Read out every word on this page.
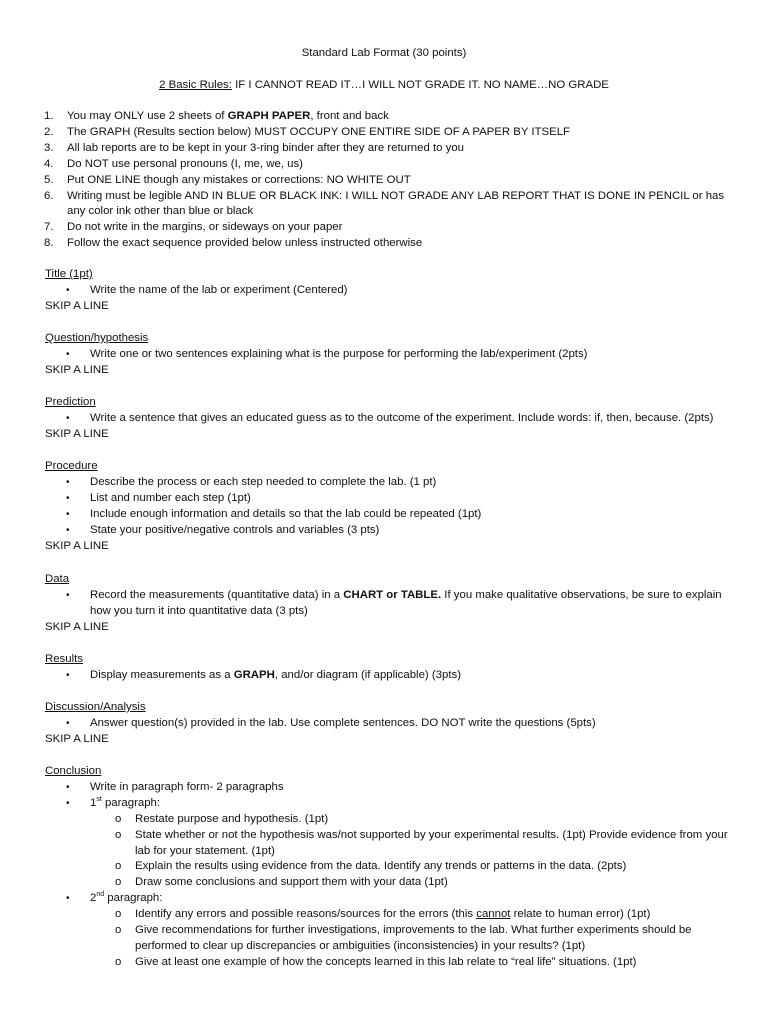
Standard Lab Format (30 points)
2 Basic Rules: IF I CANNOT READ IT…I WILL NOT GRADE IT. NO NAME…NO GRADE
1. You may ONLY use 2 sheets of GRAPH PAPER, front and back
2. The GRAPH (Results section below) MUST OCCUPY ONE ENTIRE SIDE OF A PAPER BY ITSELF
3. All lab reports are to be kept in your 3-ring binder after they are returned to you
4. Do NOT use personal pronouns (I, me, we, us)
5. Put ONE LINE though any mistakes or corrections: NO WHITE OUT
6. Writing must be legible AND IN BLUE OR BLACK INK: I WILL NOT GRADE ANY LAB REPORT THAT IS DONE IN PENCIL or has any color ink other than blue or black
7. Do not write in the margins, or sideways on your paper
8. Follow the exact sequence provided below unless instructed otherwise
Title (1pt)
• Write the name of the lab or experiment (Centered)
SKIP A LINE
Question/hypothesis
• Write one or two sentences explaining what is the purpose for performing the lab/experiment (2pts)
SKIP A LINE
Prediction
• Write a sentence that gives an educated guess as to the outcome of the experiment. Include words: if, then, because. (2pts)
SKIP A LINE
Procedure
• Describe the process or each step needed to complete the lab. (1 pt)
• List and number each step (1pt)
• Include enough information and details so that the lab could be repeated (1pt)
• State your positive/negative controls and variables (3 pts)
SKIP A LINE
Data
• Record the measurements (quantitative data) in a CHART or TABLE. If you make qualitative observations, be sure to explain how you turn it into quantitative data (3 pts)
SKIP A LINE
Results
• Display measurements as a GRAPH, and/or diagram (if applicable) (3pts)
Discussion/Analysis
• Answer question(s) provided in the lab. Use complete sentences. DO NOT write the questions (5pts)
SKIP A LINE
Conclusion
• Write in paragraph form- 2 paragraphs
• 1st paragraph:
o Restate purpose and hypothesis. (1pt)
o State whether or not the hypothesis was/not supported by your experimental results. (1pt) Provide evidence from your lab for your statement. (1pt)
o Explain the results using evidence from the data. Identify any trends or patterns in the data. (2pts)
o Draw some conclusions and support them with your data (1pt)
• 2nd paragraph:
o Identify any errors and possible reasons/sources for the errors (this cannot relate to human error) (1pt)
o Give recommendations for further investigations, improvements to the lab. What further experiments should be performed to clear up discrepancies or ambiguities (inconsistencies) in your results? (1pt)
o Give at least one example of how the concepts learned in this lab relate to “real life” situations. (1pt)
